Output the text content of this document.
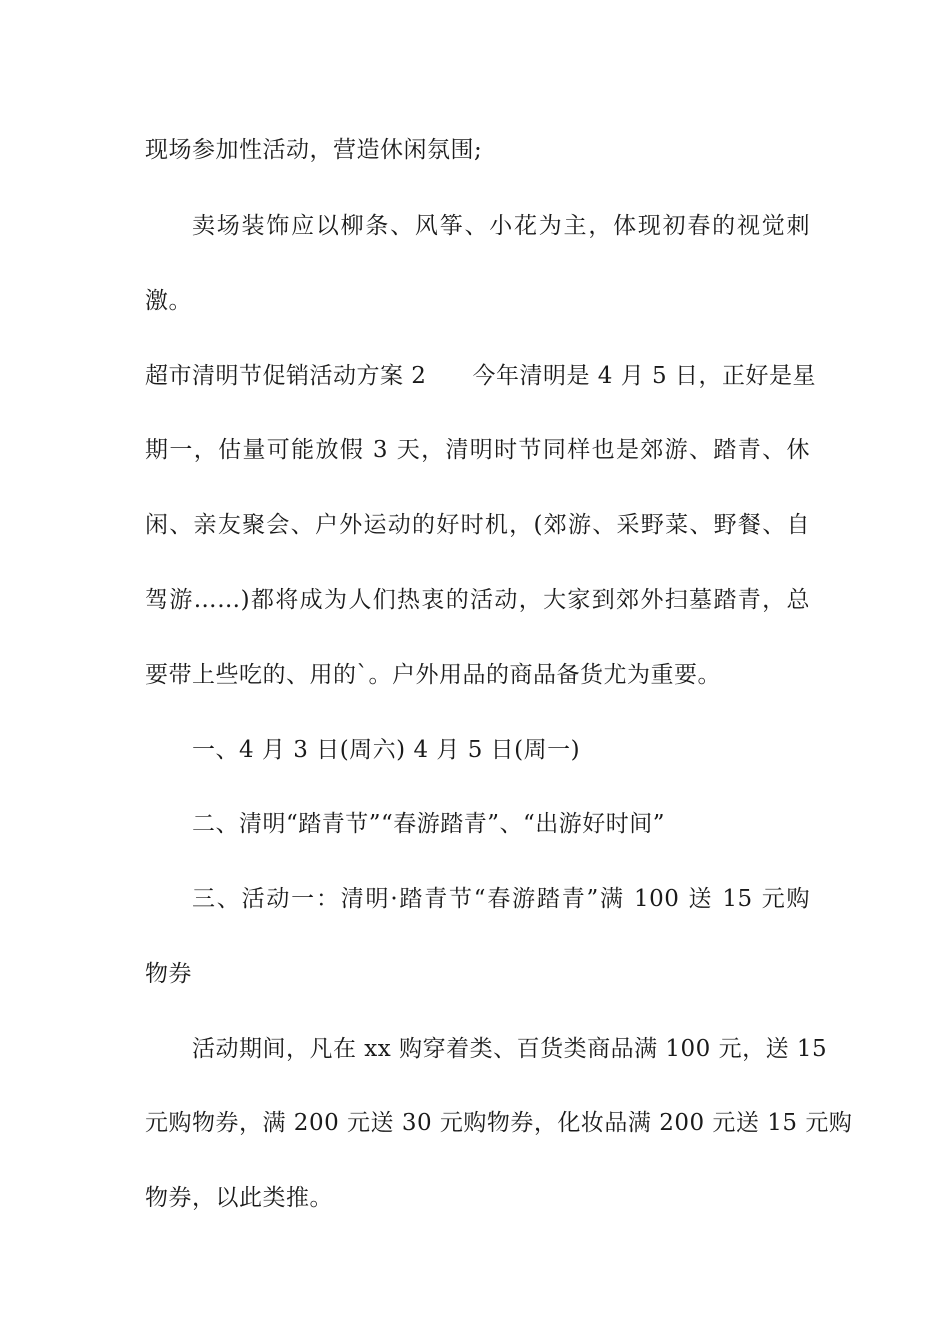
现场参加性活动，营造休闲氛围;
卖场装饰应以柳条、风筝、小花为主，体现初春的视觉刺
激。
超市清明节促销活动方案 2 今年清明是 4 月 5 日，正好是星
期一，估量可能放假 3 天，清明时节同样也是郊游、踏青、休
闲、亲友聚会、户外运动的好时机，(郊游、采野菜、野餐、自
驾游……)都将成为人们热衷的活动，大家到郊外扫墓踏青，总
要带上些吃的、用的`。户外用品的商品备货尤为重要。
一、4 月 3 日(周六) 4 月 5 日(周一)
二、清明“踏青节”“春游踏青”、“出游好时间”
三、活动一：清明·踏青节“春游踏青”满 100 送 15 元购
物券
活动期间，凡在 xx 购穿着类、百货类商品满 100 元，送 15
元购物券，满 200 元送 30 元购物券，化妆品满 200 元送 15 元购
物券，以此类推。
